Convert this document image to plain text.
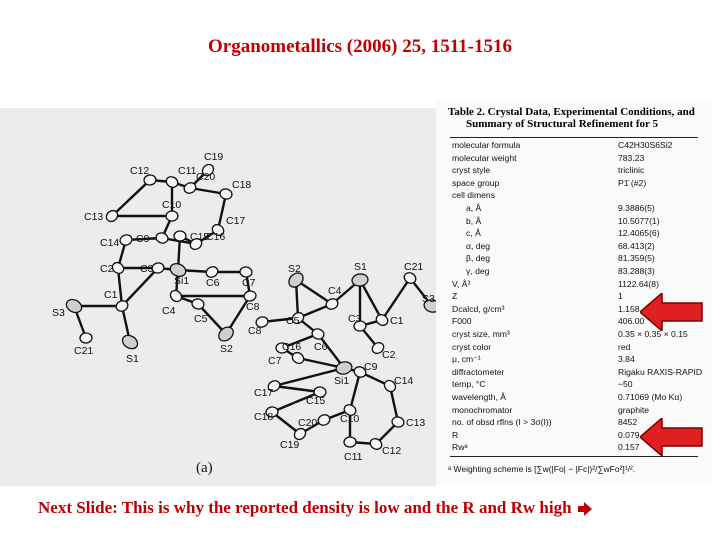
Organometallics (2006) 25, 1511-1516
C19
C12	C11 C20
C18
C13
C10
C17
C14 C9	C16
C15
C2	C3
Si1 C6 C7
C4	C8
S3
C1
C5
S2
C21
S1
S2	S1	C21
C4
S3
C5	C3	C1
C8
C6
C2
C7
C16
Si1
C9
C17
C15
C14
C18	C10
C20	C13
C19
C11 C12
(a)
Table 2. Crystal Data, Experimental Conditions, and
Summary of Structural Refinement for 5
molecular formula	C42H30S6Si2
molecular weight	783.23
cryst style	triclinic
space group	P1̄ (#2)
cell dimens
a, Å	9.3886(5)
b, Å	10.5077(1)
c, Å	12.4065(6)
α, deg	68.413(2)
β, deg	81.359(5)
γ, deg	83.288(3)
V, Å³	1122.64(8)
Z	1
Dcalcd, g/cm³	1.158
F000	406.00
cryst size, mm³	0.35 × 0.35 × 0.15
cryst color	red
μ, cm⁻¹	3.84
diffractometer	Rigaku RAXIS-RAPID
temp, °C	−50
wavelength, Å	0.71069 (Mo Kα)
monochromator	graphite
no. of obsd rflns (I > 3σ(I))	8452
R	0.079
Rwᵃ	0.157
ᵃ Weighting scheme is [∑w(|Fo| − |Fc|)²/∑wFo²]¹/².
Next Slide: This is why the reported density is low and the R and Rw high
